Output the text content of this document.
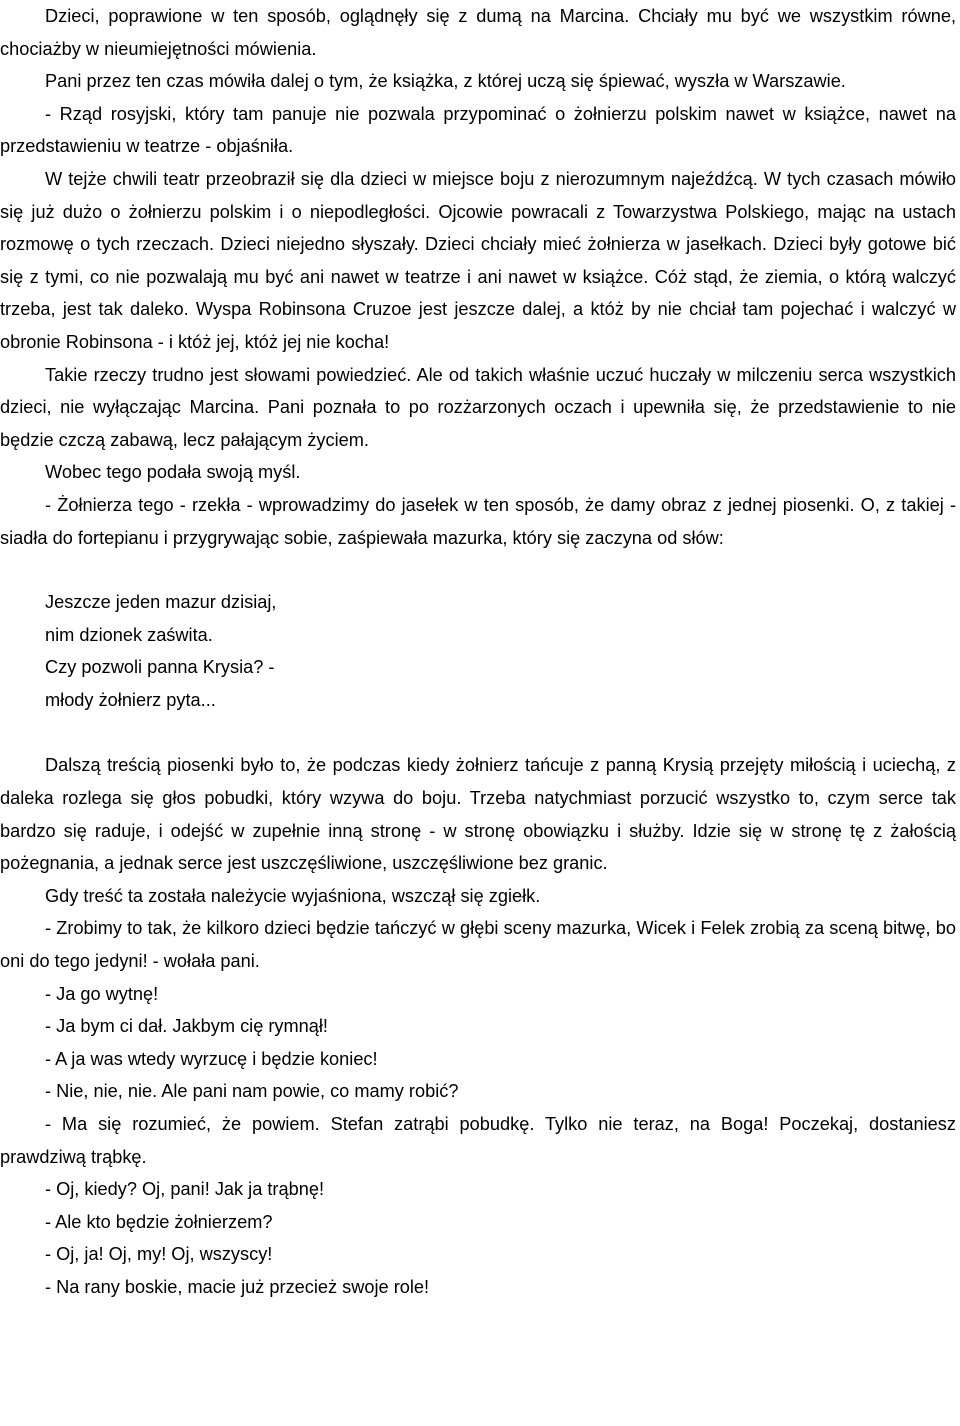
Dzieci, poprawione w ten sposób, oglądnęły się z dumą na Marcina. Chciały mu być we wszystkim równe, chociażby w nieumiejętności mówienia.

Pani przez ten czas mówiła dalej o tym, że książka, z której uczą się śpiewać, wyszła w Warszawie.

- Rząd rosyjski, który tam panuje nie pozwala przypominać o żołnierzu polskim nawet w książce, nawet na przedstawieniu w teatrze - objaśniła.

W tejże chwili teatr przeobraził się dla dzieci w miejsce boju z nierozumnym najeźdźcą. W tych czasach mówiło się już dużo o żołnierzu polskim i o niepodległości. Ojcowie powracali z Towarzystwa Polskiego, mając na ustach rozmowę o tych rzeczach. Dzieci niejedno słyszały. Dzieci chciały mieć żołnierza w jasełkach. Dzieci były gotowe bić się z tymi, co nie pozwalają mu być ani nawet w teatrze i ani nawet w książce. Cóż stąd, że ziemia, o którą walczyć trzeba, jest tak daleko. Wyspa Robinsona Cruzoe jest jeszcze dalej, a któż by nie chciał tam pojechać i walczyć w obronie Robinsona - i któż jej, któż jej nie kocha!

Takie rzeczy trudno jest słowami powiedzieć. Ale od takich właśnie uczuć huczały w milczeniu serca wszystkich dzieci, nie wyłączając Marcina. Pani poznała to po rozżarzonych oczach i upewniła się, że przedstawienie to nie będzie czczą zabawą, lecz pałającym życiem.

Wobec tego podała swoją myśl.

- Żołnierza tego - rzekła - wprowadzimy do jasełek w ten sposób, że damy obraz z jednej piosenki. O, z takiej - siadła do fortepianu i przygrywając sobie, zaśpiewała mazurka, który się zaczyna od słów:

Jeszcze jeden mazur dzisiaj,
nim dzionek zaświta.
Czy pozwoli panna Krysia? -
młody żołnierz pyta...

Dalszą treścią piosenki było to, że podczas kiedy żołnierz tańcuje z panną Krysią przejęty miłością i uciechą, z daleka rozlega się głos pobudki, który wzywa do boju. Trzeba natychmiast porzucić wszystko to, czym serce tak bardzo się raduje, i odejść w zupełnie inną stronę - w stronę obowiązku i służby. Idzie się w stronę tę z żałością pożegnania, a jednak serce jest uszczęśliwione, uszczęśliwione bez granic.

Gdy treść ta została należycie wyjaśniona, wszczął się zgiełk.

- Zrobimy to tak, że kilkoro dzieci będzie tańczyć w głębi sceny mazurka, Wicek i Felek zrobią za sceną bitwę, bo oni do tego jedyni! - wołała pani.

- Ja go wytnę!

- Ja bym ci dał. Jakbym cię rymnął!

- A ja was wtedy wyrzucę i będzie koniec!

- Nie, nie, nie. Ale pani nam powie, co mamy robić?

- Ma się rozumieć, że powiem. Stefan zatrąbi pobudkę. Tylko nie teraz, na Boga! Poczekaj, dostaniesz prawdziwą trąbkę.

- Oj, kiedy? Oj, pani! Jak ja trąbnę!

- Ale kto będzie żołnierzem?

- Oj, ja! Oj, my! Oj, wszyscy!

- Na rany boskie, macie już przecież swoje role!
